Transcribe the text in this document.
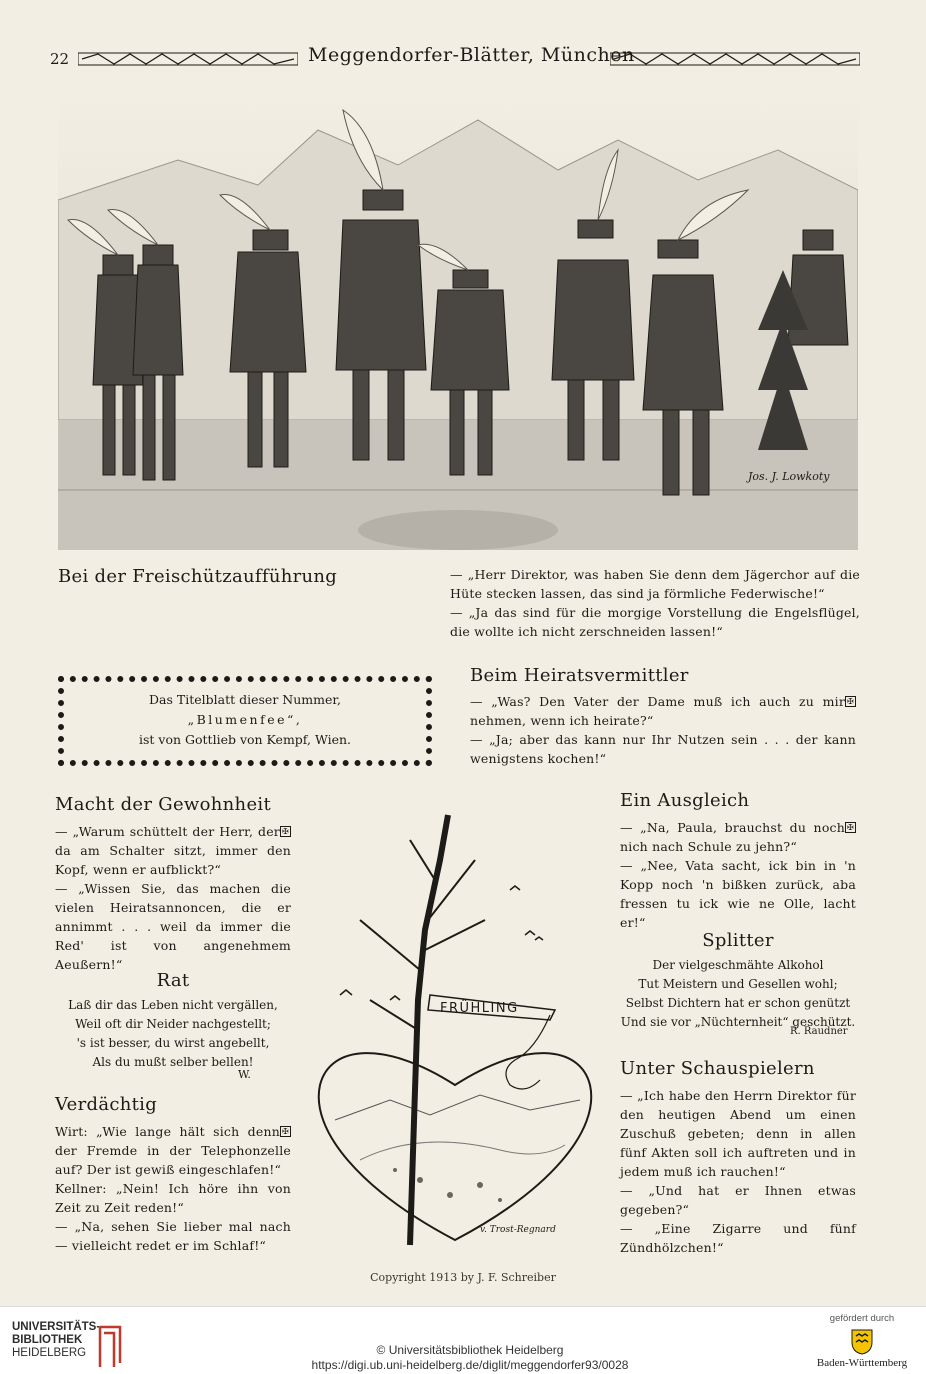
22	Meggendorfer-Blätter, München
Jos. J. Lowkoty
Bei der Freischützaufführung	— „Herr Direktor, was haben Sie denn dem Jägerchor auf die Hüte stecken lassen, das sind ja förmliche Federwische!“
— „Ja das sind für die morgige Vorstellung die Engelsflügel, die wollte ich nicht zerschneiden lassen!“
Das Titelblatt dieser Nummer,
„Blumenfee“,
ist von Gottlieb von Kempf, Wien.
Beim Heiratsvermittler
✠
— „Was? Den Vater der Dame muß ich auch zu mir nehmen, wenn ich heirate?“
— „Ja; aber das kann nur Ihr Nutzen sein . . . der kann wenigstens kochen!“
Macht der Gewohnheit
✠
— „Warum schüttelt der Herr, der da am Schalter sitzt, immer den Kopf, wenn er aufblickt?“
— „Wissen Sie, das machen die vielen Heiratsannoncen, die er annimmt . . . weil da immer die Red' ist von angenehmem Aeußern!“
Rat
Laß dir das Leben nicht vergällen,
Weil oft dir Neider nachgestellt;
's ist besser, du wirst angebellt,
Als du mußt selber bellen!
W.
Verdächtig
✠
Wirt: „Wie lange hält sich denn der Fremde in der Telephonzelle auf? Der ist gewiß eingeschlafen!“
Kellner: „Nein! Ich höre ihn von Zeit zu Zeit reden!“
— „Na, sehen Sie lieber mal nach — vielleicht redet er im Schlaf!“
FRÜHLING
v. Trost-Regnard
Ein Ausgleich
✠
— „Na, Paula, brauchst du noch nich nach Schule zu jehn?“
— „Nee, Vata sacht, ick bin in 'n Kopp noch 'n bißken zurück, aba fressen tu ick wie ne Olle, lacht er!“
Splitter
Der vielgeschmähte Alkohol
Tut Meistern und Gesellen wohl;
Selbst Dichtern hat er schon genützt
Und sie vor „Nüchternheit“ geschützt.
R. Raudner
Unter Schauspielern
— „Ich habe den Herrn Direktor für den heutigen Abend um einen Zuschuß gebeten; denn in allen fünf Akten soll ich auftreten und in jedem muß ich rauchen!“
— „Und hat er Ihnen etwas gegeben?“
— „Eine Zigarre und fünf Zündhölzchen!“
Copyright 1913 by J. F. Schreiber
UNIVERSITÄTS-
BIBLIOTHEK
HEIDELBERG	© Universitätsbibliothek Heidelberg
https://digi.ub.uni-heidelberg.de/diglit/meggendorfer93/0028
gefördert durch
Baden-Württemberg
